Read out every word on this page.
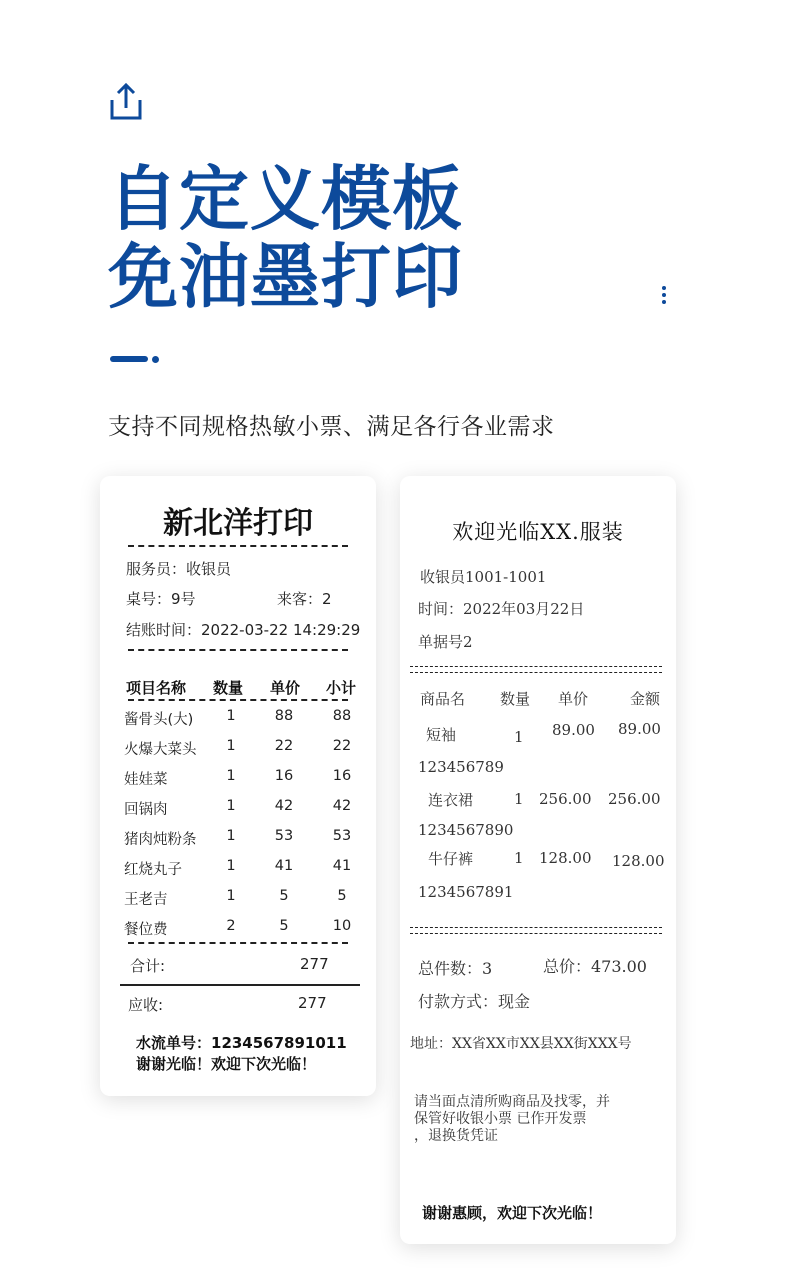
自定义模板
免油墨打印
支持不同规格热敏小票、满足各行各业需求
新北洋打印
服务员：收银员
桌号：9号	来客：2
结账时间：2022-03-22 14:29:29
项目名称 数量 单价 小计
酱骨头(大)	1	88	88
火爆大菜头	1	22	22
娃娃菜	1	16	16
回锅肉	1	42	42
猪肉炖粉条	1	53	53
红烧丸子	1	41	41
王老吉	1	5	5
餐位费	2	5	10
合计:	277
应收:	277
水流单号：1234567891011
谢谢光临！欢迎下次光临！
欢迎光临XX.服装
收银员1001-1001
时间：2022年03月22日
单据号2
商品名 数量 单价	金额
短袖	1 89.00 89.00
123456789
连衣裙	1 256.00 256.00
1234567890
牛仔裤	1 128.00 128.00
1234567891
总件数：3	总价：473.00
付款方式：现金
地址：XX省XX市XX县XX街XXX号
请当面点清所购商品及找零，并
保管好收银小票 已作开发票
，退换货凭证
谢谢惠顾，欢迎下次光临！
